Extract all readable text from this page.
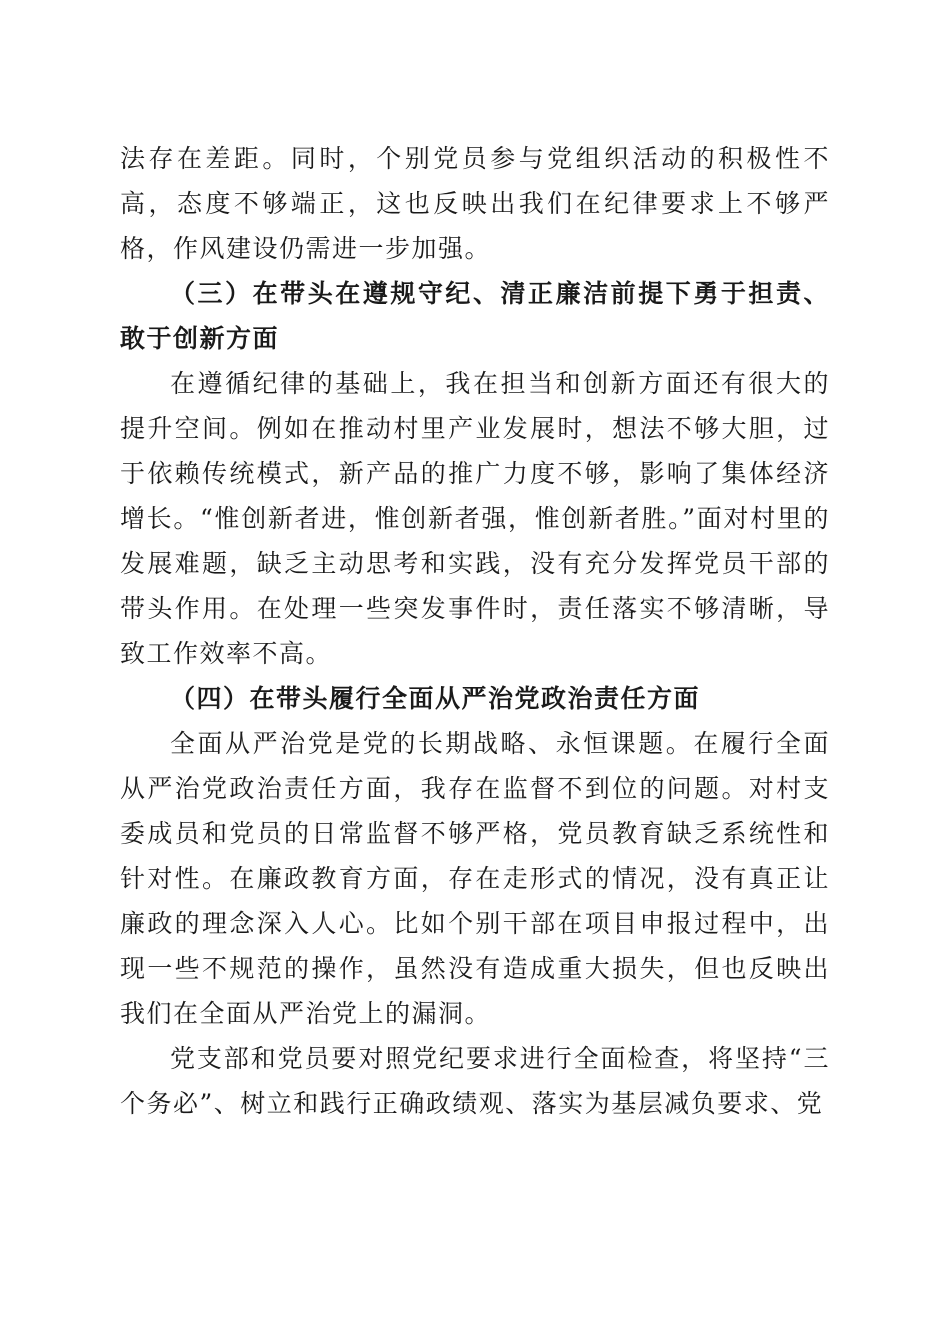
法存在差距。同时，个别党员参与党组织活动的积极性不高，态度不够端正，这也反映出我们在纪律要求上不够严格，作风建设仍需进一步加强。

（三）在带头在遵规守纪、清正廉洁前提下勇于担责、敢于创新方面

在遵循纪律的基础上，我在担当和创新方面还有很大的提升空间。例如在推动村里产业发展时，想法不够大胆，过于依赖传统模式，新产品的推广力度不够，影响了集体经济增长。“惟创新者进，惟创新者强，惟创新者胜。”面对村里的发展难题，缺乏主动思考和实践，没有充分发挥党员干部的带头作用。在处理一些突发事件时，责任落实不够清晰，导致工作效率不高。

（四）在带头履行全面从严治党政治责任方面

全面从严治党是党的长期战略、永恒课题。在履行全面从严治党政治责任方面，我存在监督不到位的问题。对村支委成员和党员的日常监督不够严格，党员教育缺乏系统性和针对性。在廉政教育方面，存在走形式的情况，没有真正让廉政的理念深入人心。比如个别干部在项目申报过程中，出现一些不规范的操作，虽然没有造成重大损失，但也反映出我们在全面从严治党上的漏洞。

党支部和党员要对照党纪要求进行全面检查，将坚持“三个务必”、树立和践行正确政绩观、落实为基层减负要求、党
